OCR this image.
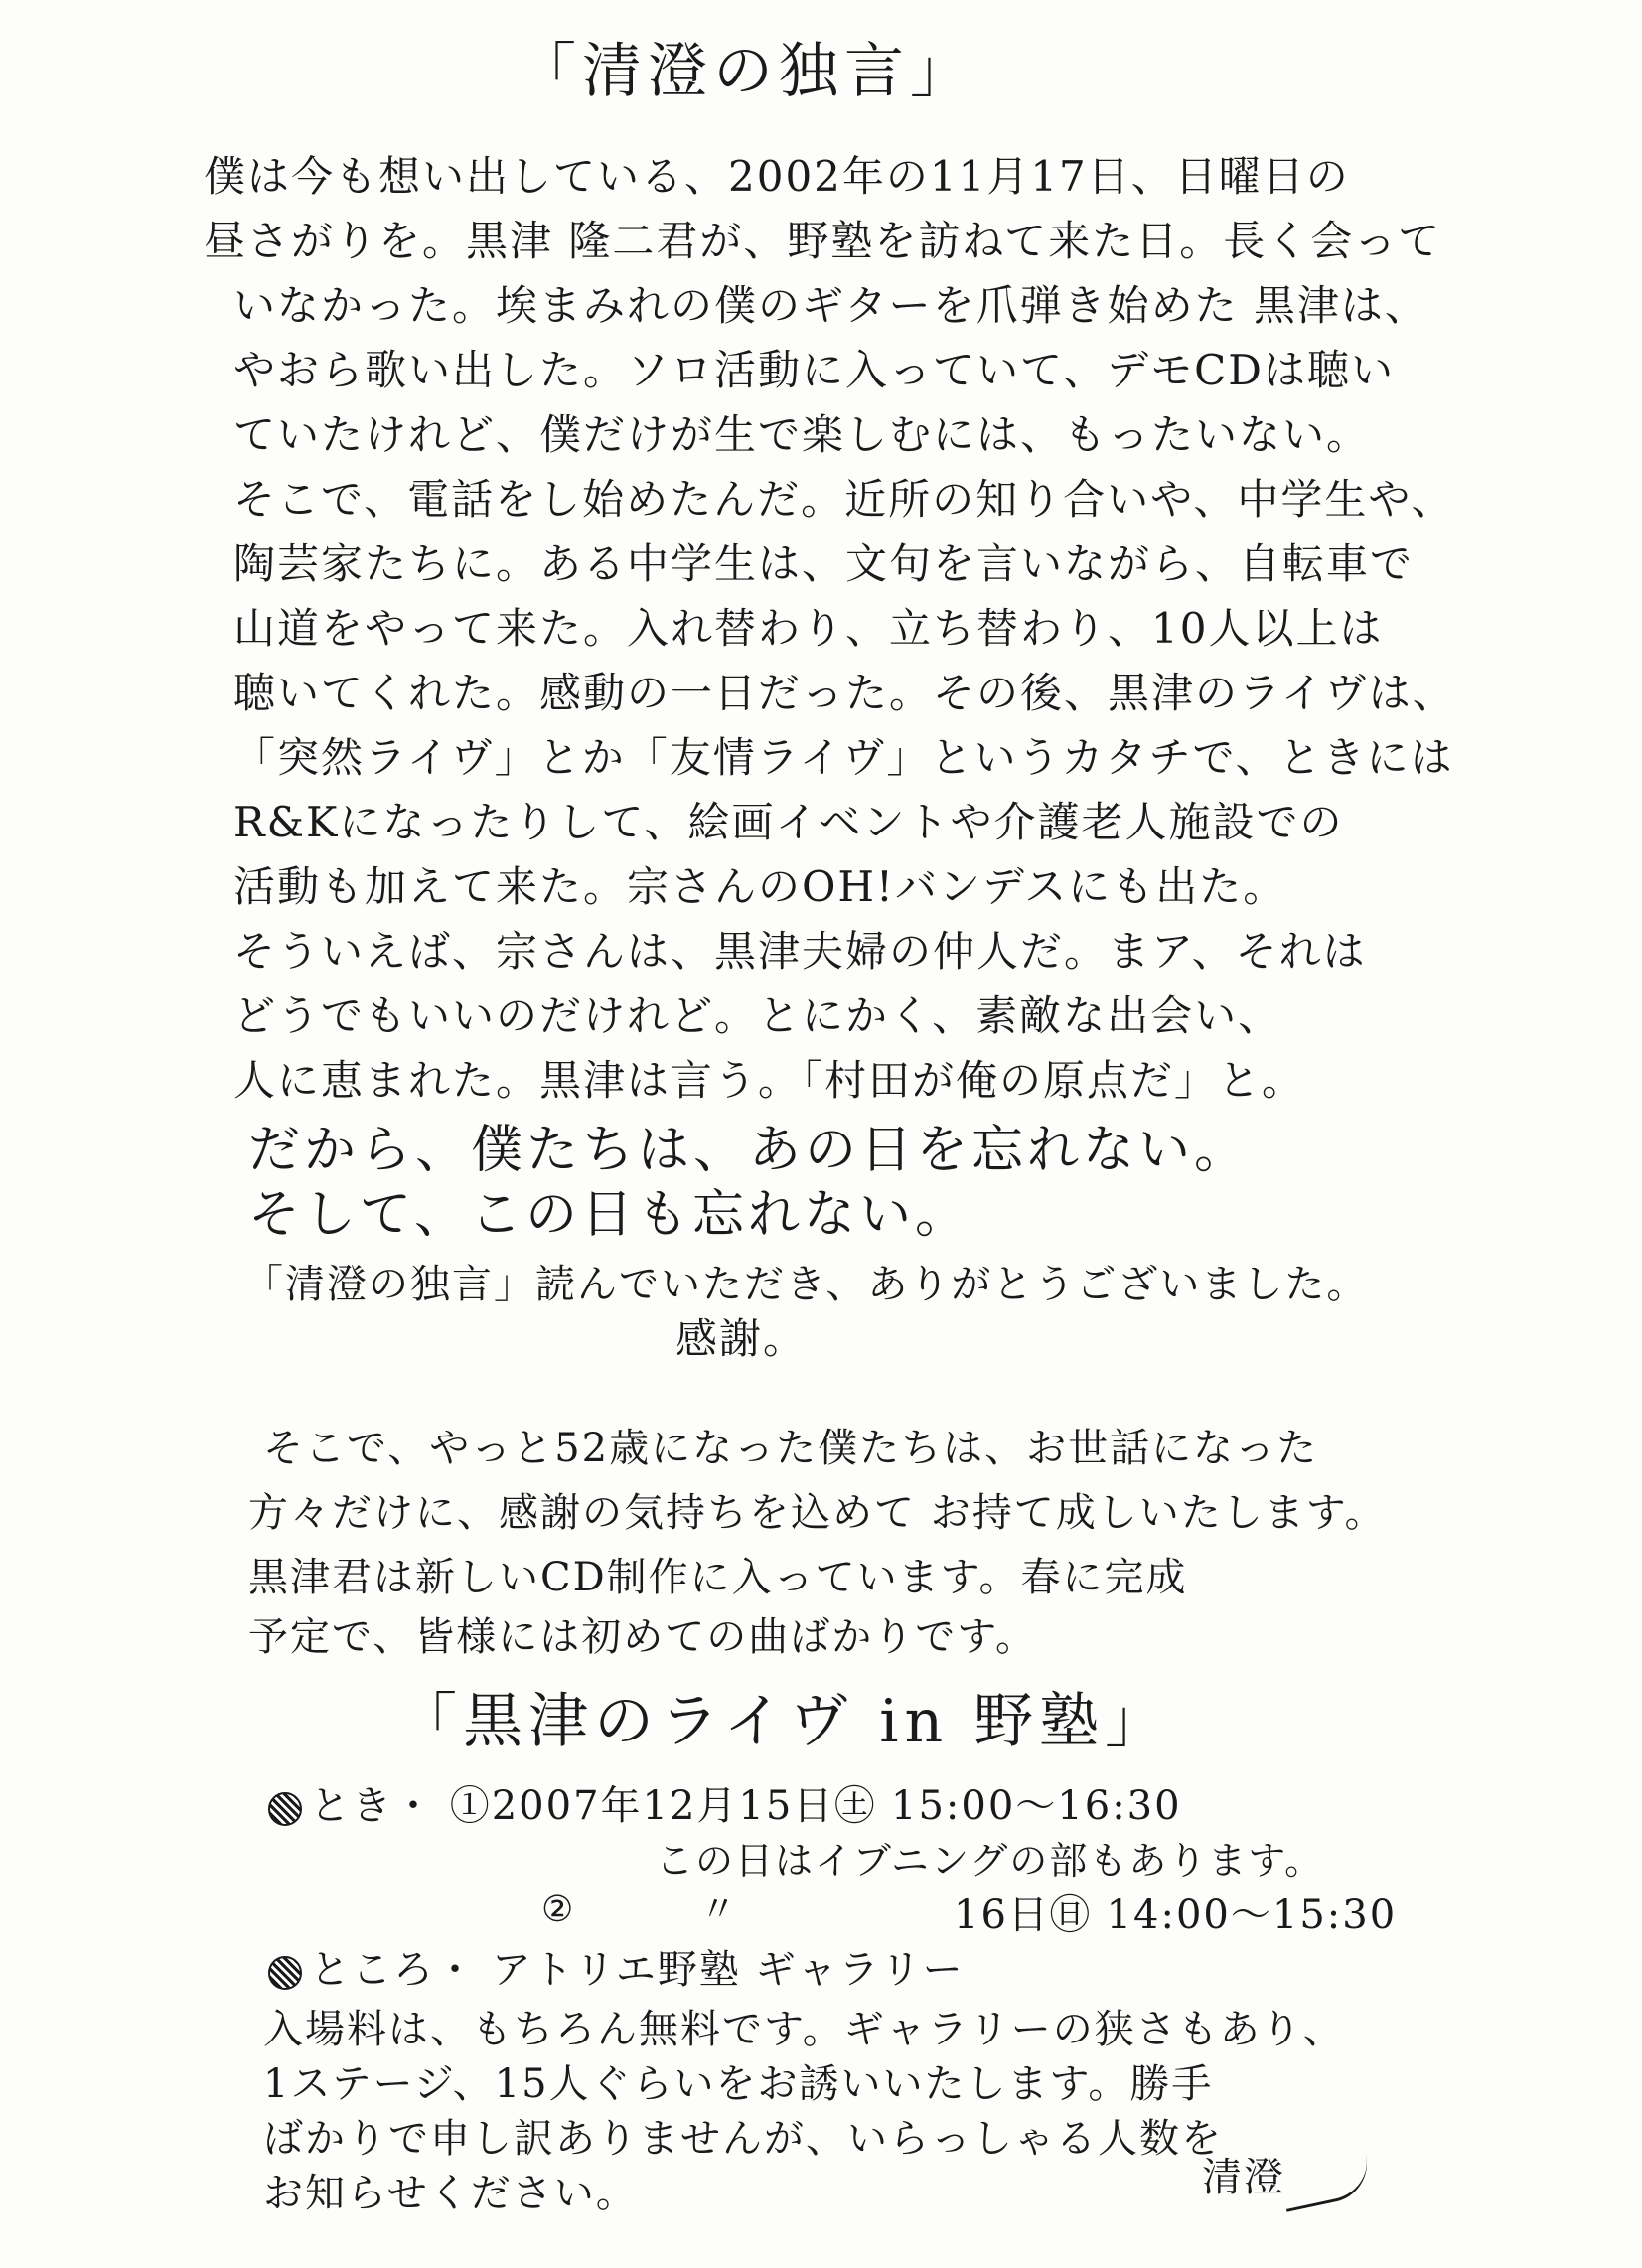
「清澄の独言」
僕は今も想い出している、2002年の11月17日、日曜日の
昼さがりを。黒津 隆二君が、野塾を訪ねて来た日。長く会って
いなかった。埃まみれの僕のギターを爪弾き始めた 黒津は、
やおら歌い出した。ソロ活動に入っていて、デモCDは聴い
ていたけれど、僕だけが生で楽しむには、もったいない。
そこで、電話をし始めたんだ。近所の知り合いや、中学生や、
陶芸家たちに。ある中学生は、文句を言いながら、自転車で
山道をやって来た。入れ替わり、立ち替わり、10人以上は
聴いてくれた。感動の一日だった。その後、黒津のライヴは、
「突然ライヴ」とか「友情ライヴ」というカタチで、ときには
R&Kになったりして、絵画イベントや介護老人施設での
活動も加えて来た。宗さんのOH!バンデスにも出た。
そういえば、宗さんは、黒津夫婦の仲人だ。まア、それは
どうでもいいのだけれど。とにかく、素敵な出会い、
人に恵まれた。黒津は言う。「村田が俺の原点だ」と。
だから、僕たちは、あの日を忘れない。
そして、この日も忘れない。
「清澄の独言」読んでいただき、ありがとうございました。
感謝。
そこで、やっと52歳になった僕たちは、お世話になった
方々だけに、感謝の気持ちを込めて お持て成しいたします。
黒津君は新しいCD制作に入っています。春に完成
予定で、皆様には初めての曲ばかりです。
「黒津のライヴ in 野塾」
とき・ ①2007年12月15日㊏ 15:00〜16:30
この日はイブニングの部もあります。
②	〃	16日㊐ 14:00〜15:30
ところ・ アトリエ野塾 ギャラリー
入場料は、もちろん無料です。ギャラリーの狭さもあり、
1ステージ、15人ぐらいをお誘いいたします。勝手
ばかりで申し訳ありませんが、いらっしゃる人数を
お知らせください。	清澄
